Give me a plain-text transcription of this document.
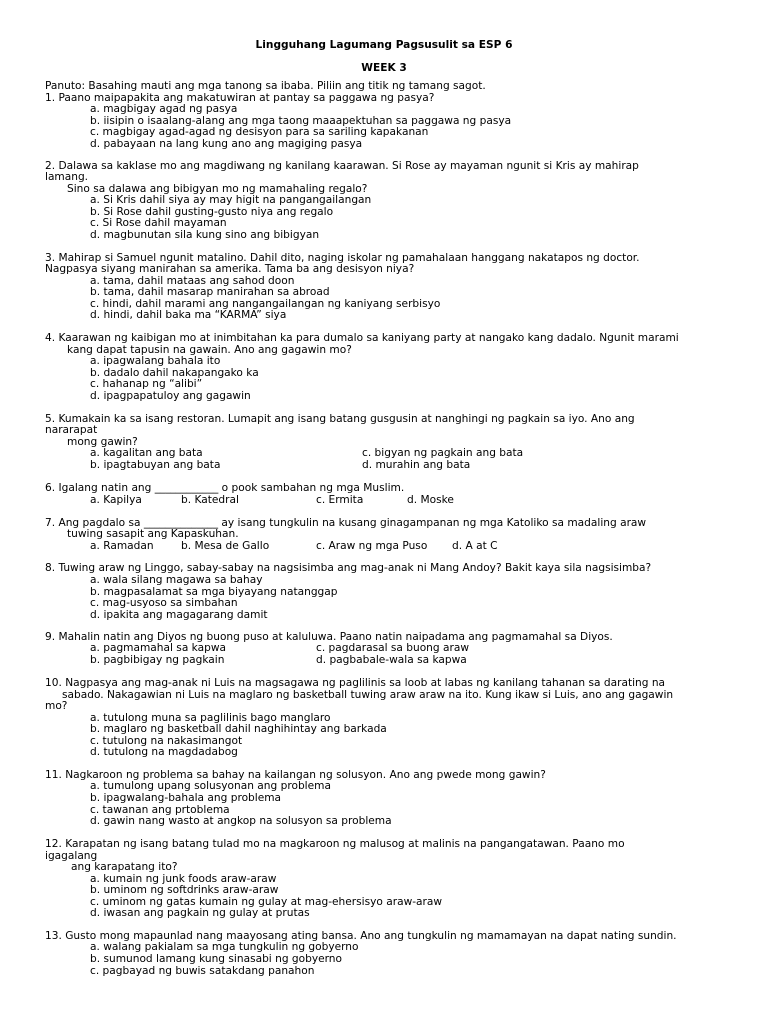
Lingguhang Lagumang Pagsusulit sa ESP 6
WEEK 3
Panuto: Basahing mauti ang mga tanong sa ibaba. Piliin ang titik ng tamang sagot.
1. Paano maipapakita ang makatuwiran at pantay sa paggawa ng pasya?
a. magbigay agad ng pasya
b. iisipin o isaalang-alang ang mga taong maaapektuhan sa paggawa ng pasya
c. magbigay agad-agad ng desisyon para sa sariling kapakanan
d. pabayaan na lang kung ano ang magiging pasya
2. Dalawa sa kaklase mo ang magdiwang ng kanilang kaarawan. Si Rose ay mayaman ngunit si Kris ay mahirap
lamang.
Sino sa dalawa ang bibigyan mo ng mamahaling regalo?
a. Si Kris dahil siya ay may higit na pangangailangan
b. Si Rose dahil gusting-gusto niya ang regalo
c. Si Rose dahil mayaman
d. magbunutan sila kung sino ang bibigyan
3. Mahirap si Samuel ngunit matalino. Dahil dito, naging iskolar ng pamahalaan hanggang nakatapos ng doctor.
Nagpasya siyang manirahan sa amerika. Tama ba ang desisyon niya?
a. tama, dahil mataas ang sahod doon
b. tama, dahil masarap manirahan sa abroad
c. hindi, dahil marami ang nangangailangan ng kaniyang serbisyo
d. hindi, dahil baka ma “KARMA” siya
4. Kaarawan ng kaibigan mo at inimbitahan ka para dumalo sa kaniyang party at nangako kang dadalo. Ngunit marami
kang dapat tapusin na gawain. Ano ang gagawin mo?
a. ipagwalang bahala ito
b. dadalo dahil nakapangako ka
c. hahanap ng “alibi”
d. ipagpapatuloy ang gagawin
5. Kumakain ka sa isang restoran. Lumapit ang isang batang gusgusin at nanghingi ng pagkain sa iyo. Ano ang
nararapat
mong gawin?
a. kagalitan ang bata	c. bigyan ng pagkain ang bata
b. ipagtabuyan ang bata	d. murahin ang bata
6. Igalang natin ang ____________ o pook sambahan ng mga Muslim.
a. Kapilya	b. Katedral	c. Ermita	d. Moske
7. Ang pagdalo sa ______________ ay isang tungkulin na kusang ginagampanan ng mga Katoliko sa madaling araw
tuwing sasapit ang Kapaskuhan.
a. Ramadan	b. Mesa de Gallo	c. Araw ng mga Puso d. A at C
8. Tuwing araw ng Linggo, sabay-sabay na nagsisimba ang mag-anak ni Mang Andoy? Bakit kaya sila nagsisimba?
a. wala silang magawa sa bahay
b. magpasalamat sa mga biyayang natanggap
c. mag-usyoso sa simbahan
d. ipakita ang magagarang damit
9. Mahalin natin ang Diyos ng buong puso at kaluluwa. Paano natin naipadama ang pagmamahal sa Diyos.
a. pagmamahal sa kapwa	c. pagdarasal sa buong araw
b. pagbibigay ng pagkain	d. pagbabale-wala sa kapwa
10. Nagpasya ang mag-anak ni Luis na magsagawa ng paglilinis sa loob at labas ng kanilang tahanan sa darating na
sabado. Nakagawian ni Luis na maglaro ng basketball tuwing araw araw na ito. Kung ikaw si Luis, ano ang gagawin
mo?
a. tutulong muna sa paglilinis bago manglaro
b. maglaro ng basketball dahil naghihintay ang barkada
c. tutulong na nakasimangot
d. tutulong na magdadabog
11. Nagkaroon ng problema sa bahay na kailangan ng solusyon. Ano ang pwede mong gawin?
a. tumulong upang solusyonan ang problema
b. ipagwalang-bahala ang problema
c. tawanan ang prtoblema
d. gawin nang wasto at angkop na solusyon sa problema
12. Karapatan ng isang batang tulad mo na magkaroon ng malusog at malinis na pangangatawan. Paano mo
igagalang
ang karapatang ito?
a. kumain ng junk foods araw-araw
b. uminom ng softdrinks araw-araw
c. uminom ng gatas kumain ng gulay at mag-ehersisyo araw-araw
d. iwasan ang pagkain ng gulay at prutas
13. Gusto mong mapaunlad nang maayosang ating bansa. Ano ang tungkulin ng mamamayan na dapat nating sundin.
a. walang pakialam sa mga tungkulin ng gobyerno
b. sumunod lamang kung sinasabi ng gobyerno
c. pagbayad ng buwis satakdang panahon
